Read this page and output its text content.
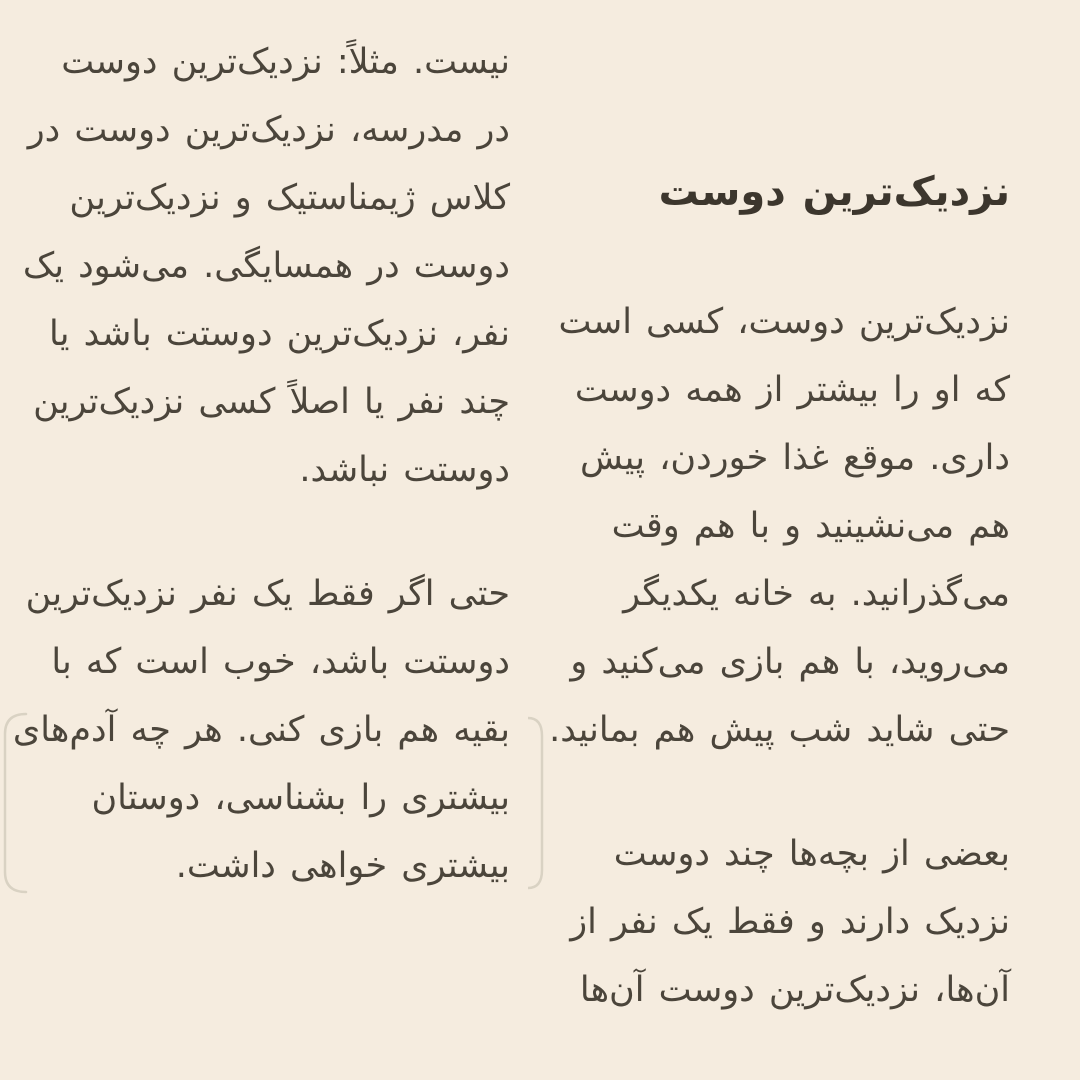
نزدیک‌ترین دوست
نزدیک‌ترین دوست، کسی است
که او را بیشتر از همه دوست
داری. موقع غذا خوردن، پیش
هم می‌نشینید و با هم وقت
می‌گذرانید. به خانه یکدیگر
می‌روید، با هم بازی می‌کنید و
حتی شاید شب پیش هم بمانید.
بعضی از بچه‌ها چند دوست
نزدیک دارند و فقط یک نفر از
آن‌ها، نزدیک‌ترین دوست آن‌ها
نیست. مثلاً: نزدیک‌ترین دوست
در مدرسه، نزدیک‌ترین دوست در
کلاس ژیمناستیک و نزدیک‌ترین
دوست در همسایگی. می‌شود یک
نفر، نزدیک‌ترین دوستت باشد یا
چند نفر یا اصلاً کسی نزدیک‌ترین
دوستت نباشد.
حتی اگر فقط یک نفر نزدیک‌ترین
دوستت باشد، خوب است که با
بقیه هم بازی کنی. هر چه آدم‌های
بیشتری را بشناسی، دوستان
بیشتری خواهی داشت.
